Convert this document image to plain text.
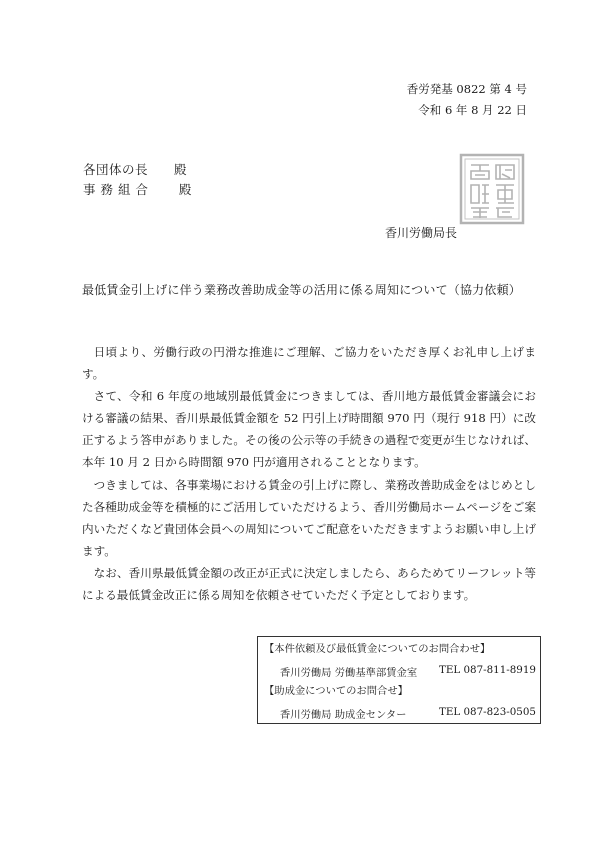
香労発基 0822 第 4 号
令和 6 年 8 月 22 日
各団体の長　　殿
事 務 組 合 　　殿
香川労働局長
最低賃金引上げに伴う業務改善助成金等の活用に係る周知について（協力依頼）

日頃より、労働行政の円滑な推進にご理解、ご協力をいただき厚くお礼申し上げます。

さて、令和 6 年度の地域別最低賃金につきましては、香川地方最低賃金審議会における審議の結果、香川県最低賃金額を 52 円引上げ時間額 970 円（現行 918 円）に改正するよう答申がありました。その後の公示等の手続きの過程で変更が生じなければ、本年 10 月 2 日から時間額 970 円が適用されることとなります。

つきましては、各事業場における賃金の引上げに際し、業務改善助成金をはじめとした各種助成金等を積極的にご活用していただけるよう、香川労働局ホームページをご案内いただくなど貴団体会員への周知についてご配意をいただきますようお願い申し上げます。

なお、香川県最低賃金額の改正が正式に決定しましたら、あらためてリーフレット等による最低賃金改正に係る周知を依頼させていただく予定としております。

【本件依頼及び最低賃金についてのお問合わせ】
香川労働局 労働基準部賃金室 TEL 087-811-8919
【助成金についてのお問合せ】
香川労働局 助成金センター	TEL 087-823-0505
